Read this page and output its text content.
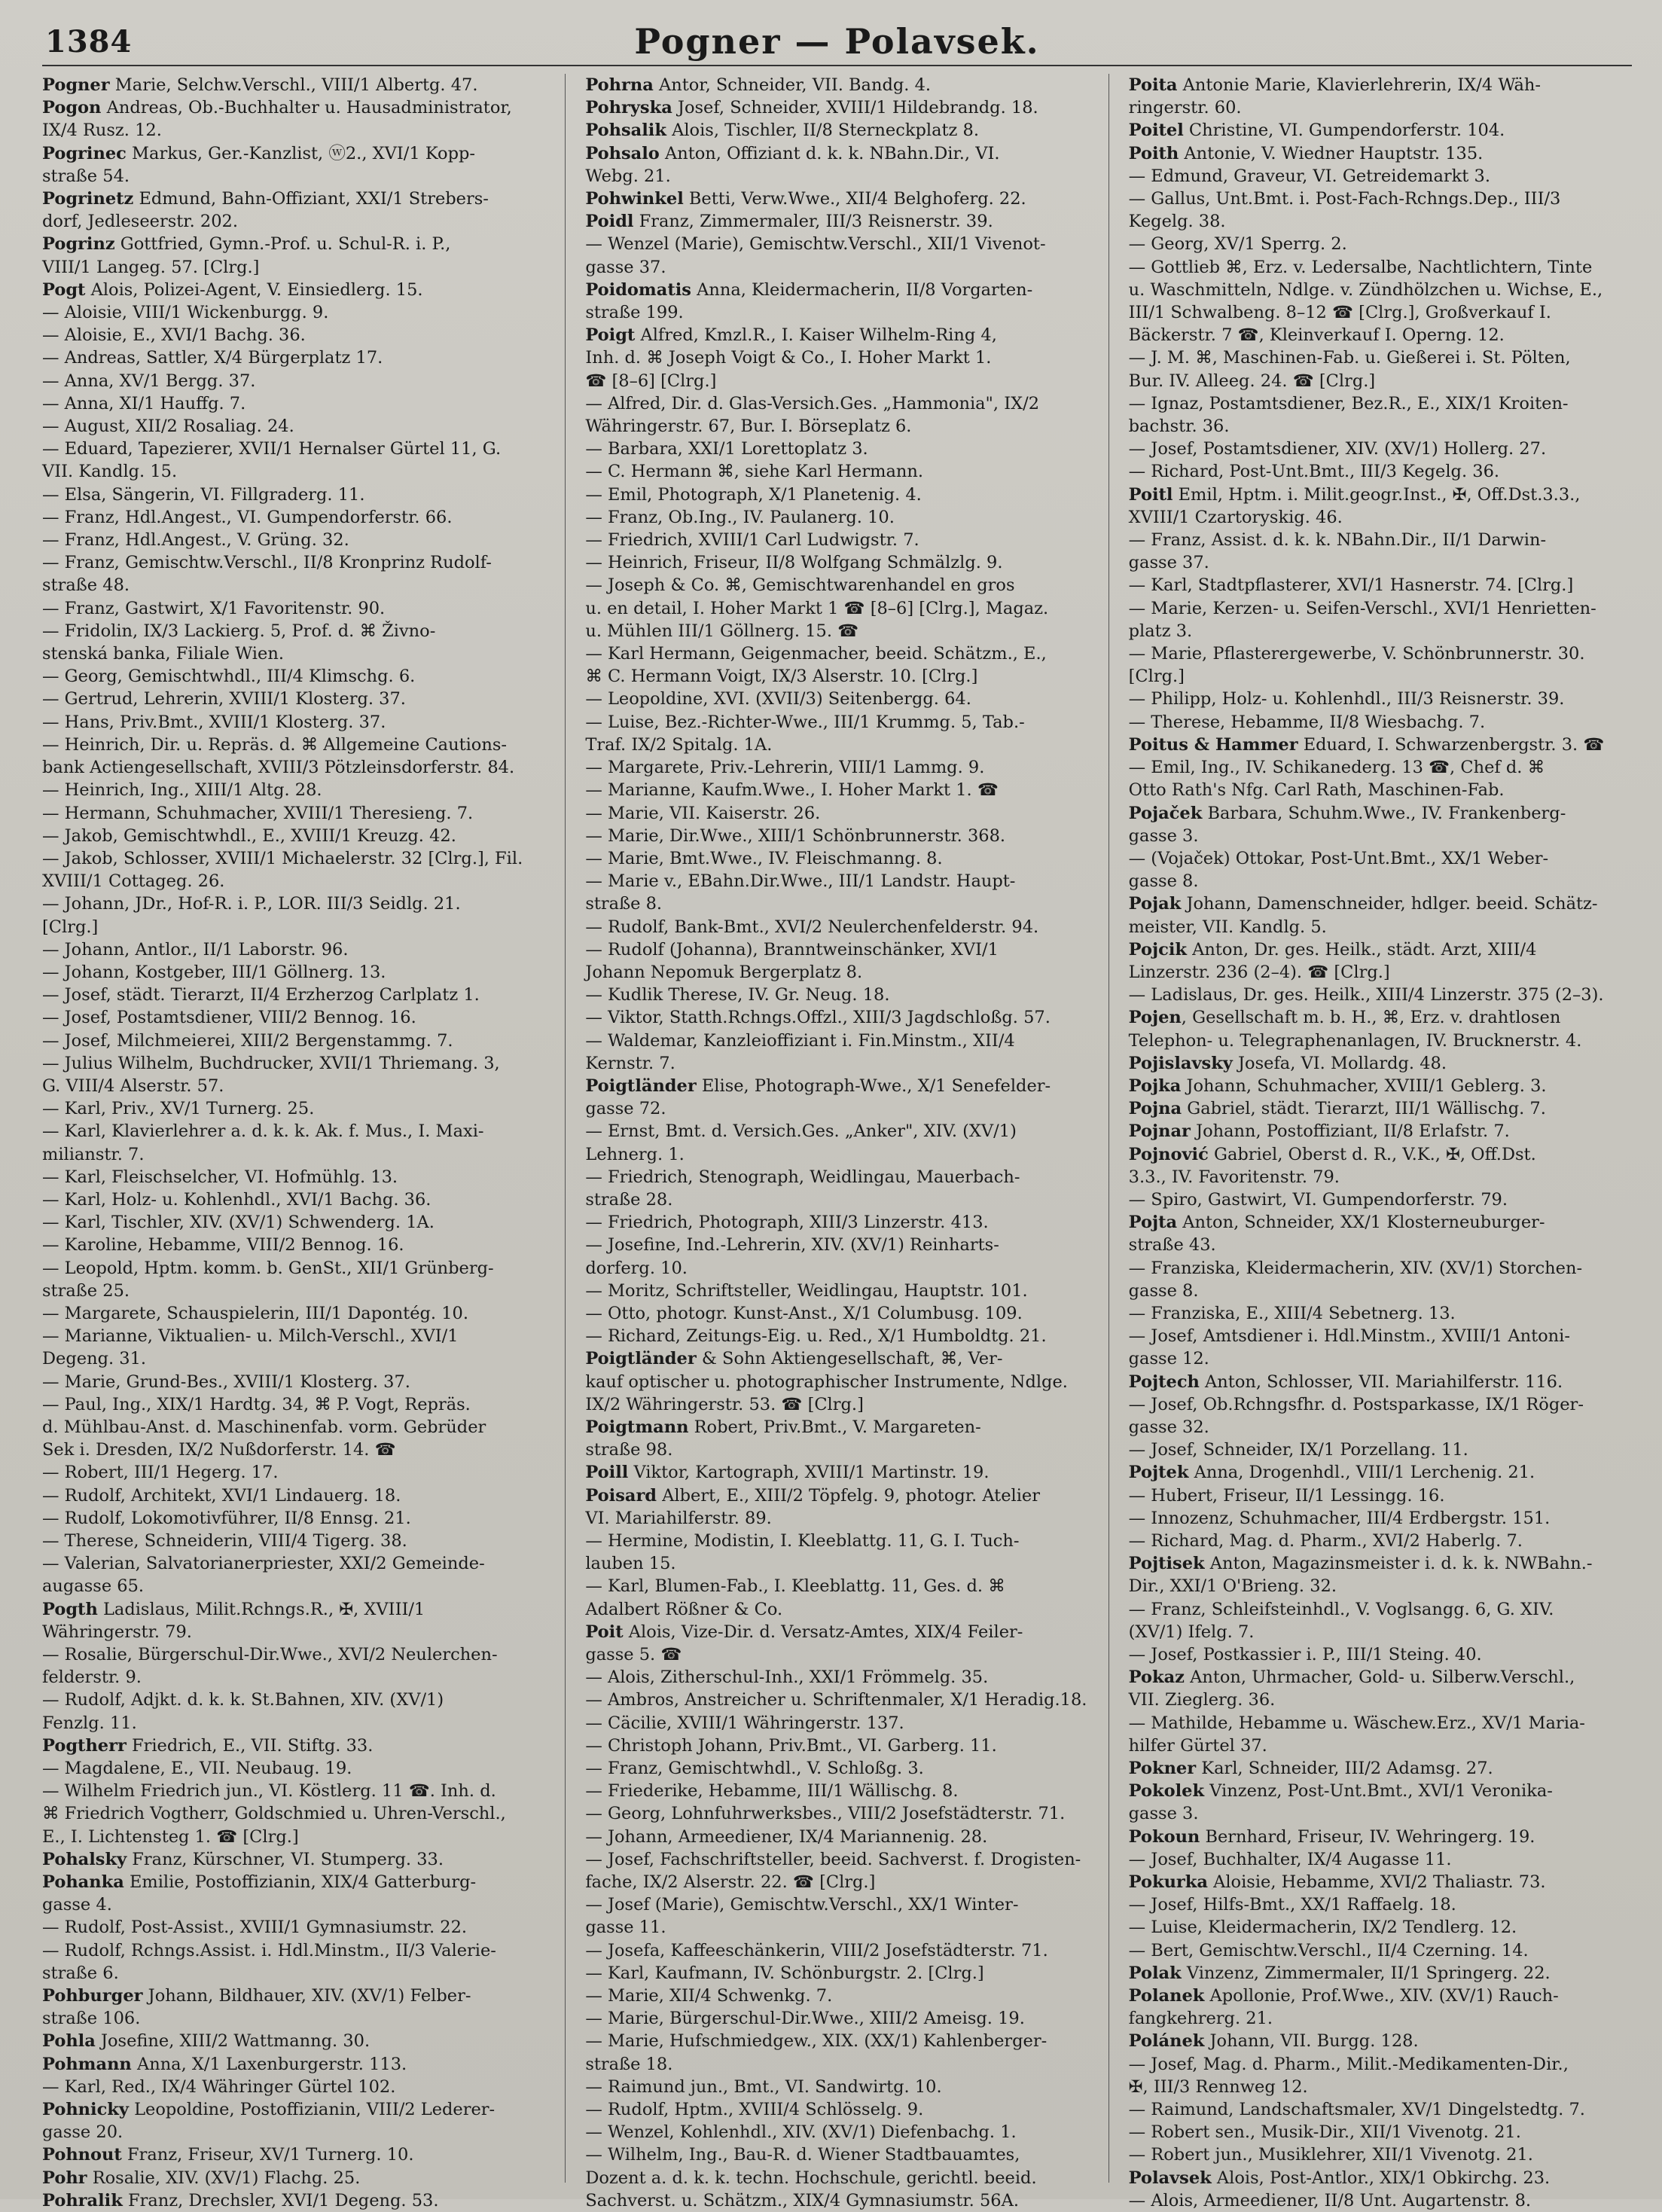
1384	Pogner — Polavsek.
Pogner Marie, Selchw.Verschl., VIII/1 Albertg. 47.
Pogon Andreas, Ob.-Buchhalter u. Hausadministrator,
IX/4 Rusz. 12.
Pogrinec Markus, Ger.-Kanzlist, ⓦ2., XVI/1 Kopp-
straße 54.
Pogrinetz Edmund, Bahn-Offiziant, XXI/1 Strebers-
dorf, Jedleseerstr. 202.
Pogrinz Gottfried, Gymn.-Prof. u. Schul-R. i. P.,
VIII/1 Langeg. 57. [Clrg.]
Pogt Alois, Polizei-Agent, V. Einsiedlerg. 15.
— Aloisie, VIII/1 Wickenburgg. 9.
— Aloisie, E., XVI/1 Bachg. 36.
— Andreas, Sattler, X/4 Bürgerplatz 17.
— Anna, XV/1 Bergg. 37.
— Anna, XI/1 Hauffg. 7.
— August, XII/2 Rosaliag. 24.
— Eduard, Tapezierer, XVII/1 Hernalser Gürtel 11, G.
VII. Kandlg. 15.
— Elsa, Sängerin, VI. Fillgraderg. 11.
— Franz, Hdl.Angest., VI. Gumpendorferstr. 66.
— Franz, Hdl.Angest., V. Grüng. 32.
— Franz, Gemischtw.Verschl., II/8 Kronprinz Rudolf-
straße 48.
— Franz, Gastwirt, X/1 Favoritenstr. 90.
— Fridolin, IX/3 Lackierg. 5, Prof. d. ⌘ Živno-
stenská banka, Filiale Wien.
— Georg, Gemischtwhdl., III/4 Klimschg. 6.
— Gertrud, Lehrerin, XVIII/1 Klosterg. 37.
— Hans, Priv.Bmt., XVIII/1 Klosterg. 37.
— Heinrich, Dir. u. Repräs. d. ⌘ Allgemeine Cautions-
bank Actiengesellschaft, XVIII/3 Pötzleinsdorferstr. 84.
— Heinrich, Ing., XIII/1 Altg. 28.
— Hermann, Schuhmacher, XVIII/1 Theresieng. 7.
— Jakob, Gemischtwhdl., E., XVIII/1 Kreuzg. 42.
— Jakob, Schlosser, XVIII/1 Michaelerstr. 32 [Clrg.], Fil.
XVIII/1 Cottageg. 26.
— Johann, JDr., Hof-R. i. P., LOR. III/3 Seidlg. 21.
[Clrg.]
— Johann, Antlor., II/1 Laborstr. 96.
— Johann, Kostgeber, III/1 Göllnerg. 13.
— Josef, städt. Tierarzt, II/4 Erzherzog Carlplatz 1.
— Josef, Postamtsdiener, VIII/2 Bennog. 16.
— Josef, Milchmeierei, XIII/2 Bergenstammg. 7.
— Julius Wilhelm, Buchdrucker, XVII/1 Thriemang. 3,
G. VIII/4 Alserstr. 57.
— Karl, Priv., XV/1 Turnerg. 25.
— Karl, Klavierlehrer a. d. k. k. Ak. f. Mus., I. Maxi-
milianstr. 7.
— Karl, Fleischselcher, VI. Hofmühlg. 13.
— Karl, Holz- u. Kohlenhdl., XVI/1 Bachg. 36.
— Karl, Tischler, XIV. (XV/1) Schwenderg. 1A.
— Karoline, Hebamme, VIII/2 Bennog. 16.
— Leopold, Hptm. komm. b. GenSt., XII/1 Grünberg-
straße 25.
— Margarete, Schauspielerin, III/1 Dapontég. 10.
— Marianne, Viktualien- u. Milch-Verschl., XVI/1
Degeng. 31.
— Marie, Grund-Bes., XVIII/1 Klosterg. 37.
— Paul, Ing., XIX/1 Hardtg. 34, ⌘ P. Vogt, Repräs.
d. Mühlbau-Anst. d. Maschinenfab. vorm. Gebrüder
Sek i. Dresden, IX/2 Nußdorferstr. 14. ☎
— Robert, III/1 Hegerg. 17.
— Rudolf, Architekt, XVI/1 Lindauerg. 18.
— Rudolf, Lokomotivführer, II/8 Ennsg. 21.
— Therese, Schneiderin, VIII/4 Tigerg. 38.
— Valerian, Salvatorianerpriester, XXI/2 Gemeinde-
augasse 65.
Pogth Ladislaus, Milit.Rchngs.R., ✠, XVIII/1
Währingerstr. 79.
— Rosalie, Bürgerschul-Dir.Wwe., XVI/2 Neulerchen-
felderstr. 9.
— Rudolf, Adjkt. d. k. k. St.Bahnen, XIV. (XV/1)
Fenzlg. 11.
Pogtherr Friedrich, E., VII. Stiftg. 33.
— Magdalene, E., VII. Neubaug. 19.
— Wilhelm Friedrich jun., VI. Köstlerg. 11 ☎. Inh. d.
⌘ Friedrich Vogtherr, Goldschmied u. Uhren-Verschl.,
E., I. Lichtensteg 1. ☎ [Clrg.]
Pohalsky Franz, Kürschner, VI. Stumperg. 33.
Pohanka Emilie, Postoffizianin, XIX/4 Gatterburg-
gasse 4.
— Rudolf, Post-Assist., XVIII/1 Gymnasiumstr. 22.
— Rudolf, Rchngs.Assist. i. Hdl.Minstm., II/3 Valerie-
straße 6.
Pohburger Johann, Bildhauer, XIV. (XV/1) Felber-
straße 106.
Pohla Josefine, XIII/2 Wattmanng. 30.
Pohmann Anna, X/1 Laxenburgerstr. 113.
— Karl, Red., IX/4 Währinger Gürtel 102.
Pohnicky Leopoldine, Postoffizianin, VIII/2 Lederer-
gasse 20.
Pohnout Franz, Friseur, XV/1 Turnerg. 10.
Pohr Rosalie, XIV. (XV/1) Flachg. 25.
Pohralik Franz, Drechsler, XVI/1 Degeng. 53.
Pohrna Antor, Schneider, VII. Bandg. 4.
Pohryska Josef, Schneider, XVIII/1 Hildebrandg. 18.
Pohsalik Alois, Tischler, II/8 Sterneckplatz 8.
Pohsalo Anton, Offiziant d. k. k. NBahn.Dir., VI.
Webg. 21.
Pohwinkel Betti, Verw.Wwe., XII/4 Belghoferg. 22.
Poidl Franz, Zimmermaler, III/3 Reisnerstr. 39.
— Wenzel (Marie), Gemischtw.Verschl., XII/1 Vivenot-
gasse 37.
Poidomatis Anna, Kleidermacherin, II/8 Vorgarten-
straße 199.
Poigt Alfred, Kmzl.R., I. Kaiser Wilhelm-Ring 4,
Inh. d. ⌘ Joseph Voigt & Co., I. Hoher Markt 1.
☎ [8–6] [Clrg.]
— Alfred, Dir. d. Glas-Versich.Ges. „Hammonia", IX/2
Währingerstr. 67, Bur. I. Börseplatz 6.
— Barbara, XXI/1 Lorettoplatz 3.
— C. Hermann ⌘, siehe Karl Hermann.
— Emil, Photograph, X/1 Planetenig. 4.
— Franz, Ob.Ing., IV. Paulanerg. 10.
— Friedrich, XVIII/1 Carl Ludwigstr. 7.
— Heinrich, Friseur, II/8 Wolfgang Schmälzlg. 9.
— Joseph & Co. ⌘, Gemischtwarenhandel en gros
u. en detail, I. Hoher Markt 1 ☎ [8–6] [Clrg.], Magaz.
u. Mühlen III/1 Göllnerg. 15. ☎
— Karl Hermann, Geigenmacher, beeid. Schätzm., E.,
⌘ C. Hermann Voigt, IX/3 Alserstr. 10. [Clrg.]
— Leopoldine, XVI. (XVII/3) Seitenbergg. 64.
— Luise, Bez.-Richter-Wwe., III/1 Krummg. 5, Tab.-
Traf. IX/2 Spitalg. 1A.
— Margarete, Priv.-Lehrerin, VIII/1 Lammg. 9.
— Marianne, Kaufm.Wwe., I. Hoher Markt 1. ☎
— Marie, VII. Kaiserstr. 26.
— Marie, Dir.Wwe., XIII/1 Schönbrunnerstr. 368.
— Marie, Bmt.Wwe., IV. Fleischmanng. 8.
— Marie v., EBahn.Dir.Wwe., III/1 Landstr. Haupt-
straße 8.
— Rudolf, Bank-Bmt., XVI/2 Neulerchenfelderstr. 94.
— Rudolf (Johanna), Branntweinschänker, XVI/1
Johann Nepomuk Bergerplatz 8.
— Kudlik Therese, IV. Gr. Neug. 18.
— Viktor, Statth.Rchngs.Offzl., XIII/3 Jagdschloßg. 57.
— Waldemar, Kanzleioffiziant i. Fin.Minstm., XII/4
Kernstr. 7.
Poigtländer Elise, Photograph-Wwe., X/1 Senefelder-
gasse 72.
— Ernst, Bmt. d. Versich.Ges. „Anker", XIV. (XV/1)
Lehnerg. 1.
— Friedrich, Stenograph, Weidlingau, Mauerbach-
straße 28.
— Friedrich, Photograph, XIII/3 Linzerstr. 413.
— Josefine, Ind.-Lehrerin, XIV. (XV/1) Reinharts-
dorferg. 10.
— Moritz, Schriftsteller, Weidlingau, Hauptstr. 101.
— Otto, photogr. Kunst-Anst., X/1 Columbusg. 109.
— Richard, Zeitungs-Eig. u. Red., X/1 Humboldtg. 21.
Poigtländer & Sohn Aktiengesellschaft, ⌘, Ver-
kauf optischer u. photographischer Instrumente, Ndlge.
IX/2 Währingerstr. 53. ☎ [Clrg.]
Poigtmann Robert, Priv.Bmt., V. Margareten-
straße 98.
Poill Viktor, Kartograph, XVIII/1 Martinstr. 19.
Poisard Albert, E., XIII/2 Töpfelg. 9, photogr. Atelier
VI. Mariahilferstr. 89.
— Hermine, Modistin, I. Kleeblattg. 11, G. I. Tuch-
lauben 15.
— Karl, Blumen-Fab., I. Kleeblattg. 11, Ges. d. ⌘
Adalbert Rößner & Co.
Poit Alois, Vize-Dir. d. Versatz-Amtes, XIX/4 Feiler-
gasse 5. ☎
— Alois, Zitherschul-Inh., XXI/1 Frömmelg. 35.
— Ambros, Anstreicher u. Schriftenmaler, X/1 Heradig.18.
— Cäcilie, XVIII/1 Währingerstr. 137.
— Christoph Johann, Priv.Bmt., VI. Garberg. 11.
— Franz, Gemischtwhdl., V. Schloßg. 3.
— Friederike, Hebamme, III/1 Wällischg. 8.
— Georg, Lohnfuhrwerksbes., VIII/2 Josefstädterstr. 71.
— Johann, Armeediener, IX/4 Mariannenig. 28.
— Josef, Fachschriftsteller, beeid. Sachverst. f. Drogisten-
fache, IX/2 Alserstr. 22. ☎ [Clrg.]
— Josef (Marie), Gemischtw.Verschl., XX/1 Winter-
gasse 11.
— Josefa, Kaffeeschänkerin, VIII/2 Josefstädterstr. 71.
— Karl, Kaufmann, IV. Schönburgstr. 2. [Clrg.]
— Marie, XII/4 Schwenkg. 7.
— Marie, Bürgerschul-Dir.Wwe., XIII/2 Ameisg. 19.
— Marie, Hufschmiedgew., XIX. (XX/1) Kahlenberger-
straße 18.
— Raimund jun., Bmt., VI. Sandwirtg. 10.
— Rudolf, Hptm., XVIII/4 Schlösselg. 9.
— Wenzel, Kohlenhdl., XIV. (XV/1) Diefenbachg. 1.
— Wilhelm, Ing., Bau-R. d. Wiener Stadtbauamtes,
Dozent a. d. k. k. techn. Hochschule, gerichtl. beeid.
Sachverst. u. Schätzm., XIX/4 Gymnasiumstr. 56A.
Poita Antonie Marie, Klavierlehrerin, IX/4 Wäh-
ringerstr. 60.
Poitel Christine, VI. Gumpendorferstr. 104.
Poith Antonie, V. Wiedner Hauptstr. 135.
— Edmund, Graveur, VI. Getreidemarkt 3.
— Gallus, Unt.Bmt. i. Post-Fach-Rchngs.Dep., III/3
Kegelg. 38.
— Georg, XV/1 Sperrg. 2.
— Gottlieb ⌘, Erz. v. Ledersalbe, Nachtlichtern, Tinte
u. Waschmitteln, Ndlge. v. Zündhölzchen u. Wichse, E.,
III/1 Schwalbeng. 8–12 ☎ [Clrg.], Großverkauf I.
Bäckerstr. 7 ☎, Kleinverkauf I. Operng. 12.
— J. M. ⌘, Maschinen-Fab. u. Gießerei i. St. Pölten,
Bur. IV. Alleeg. 24. ☎ [Clrg.]
— Ignaz, Postamtsdiener, Bez.R., E., XIX/1 Kroiten-
bachstr. 36.
— Josef, Postamtsdiener, XIV. (XV/1) Hollerg. 27.
— Richard, Post-Unt.Bmt., III/3 Kegelg. 36.
Poitl Emil, Hptm. i. Milit.geogr.Inst., ✠, Off.Dst.3.3.,
XVIII/1 Czartoryskig. 46.
— Franz, Assist. d. k. k. NBahn.Dir., II/1 Darwin-
gasse 37.
— Karl, Stadtpflasterer, XVI/1 Hasnerstr. 74. [Clrg.]
— Marie, Kerzen- u. Seifen-Verschl., XVI/1 Henrietten-
platz 3.
— Marie, Pflasterergewerbe, V. Schönbrunnerstr. 30.
[Clrg.]
— Philipp, Holz- u. Kohlenhdl., III/3 Reisnerstr. 39.
— Therese, Hebamme, II/8 Wiesbachg. 7.
Poitus & Hammer Eduard, I. Schwarzenbergstr. 3. ☎
— Emil, Ing., IV. Schikanederg. 13 ☎, Chef d. ⌘
Otto Rath's Nfg. Carl Rath, Maschinen-Fab.
Pojaček Barbara, Schuhm.Wwe., IV. Frankenberg-
gasse 3.
— (Vojaček) Ottokar, Post-Unt.Bmt., XX/1 Weber-
gasse 8.
Pojak Johann, Damenschneider, hdlger. beeid. Schätz-
meister, VII. Kandlg. 5.
Pojcik Anton, Dr. ges. Heilk., städt. Arzt, XIII/4
Linzerstr. 236 (2–4). ☎ [Clrg.]
— Ladislaus, Dr. ges. Heilk., XIII/4 Linzerstr. 375 (2–3).
Pojen, Gesellschaft m. b. H., ⌘, Erz. v. drahtlosen
Telephon- u. Telegraphenanlagen, IV. Brucknerstr. 4.
Pojislavsky Josefa, VI. Mollardg. 48.
Pojka Johann, Schuhmacher, XVIII/1 Geblerg. 3.
Pojna Gabriel, städt. Tierarzt, III/1 Wällischg. 7.
Pojnar Johann, Postoffiziant, II/8 Erlafstr. 7.
Pojnović Gabriel, Oberst d. R., V.K., ✠, Off.Dst.
3.3., IV. Favoritenstr. 79.
— Spiro, Gastwirt, VI. Gumpendorferstr. 79.
Pojta Anton, Schneider, XX/1 Klosterneuburger-
straße 43.
— Franziska, Kleidermacherin, XIV. (XV/1) Storchen-
gasse 8.
— Franziska, E., XIII/4 Sebetnerg. 13.
— Josef, Amtsdiener i. Hdl.Minstm., XVIII/1 Antoni-
gasse 12.
Pojtech Anton, Schlosser, VII. Mariahilferstr. 116.
— Josef, Ob.Rchngsfhr. d. Postsparkasse, IX/1 Röger-
gasse 32.
— Josef, Schneider, IX/1 Porzellang. 11.
Pojtek Anna, Drogenhdl., VIII/1 Lerchenig. 21.
— Hubert, Friseur, II/1 Lessingg. 16.
— Innozenz, Schuhmacher, III/4 Erdbergstr. 151.
— Richard, Mag. d. Pharm., XVI/2 Haberlg. 7.
Pojtisek Anton, Magazinsmeister i. d. k. k. NWBahn.-
Dir., XXI/1 O'Brieng. 32.
— Franz, Schleifsteinhdl., V. Voglsangg. 6, G. XIV.
(XV/1) Ifelg. 7.
— Josef, Postkassier i. P., III/1 Steing. 40.
Pokaz Anton, Uhrmacher, Gold- u. Silberw.Verschl.,
VII. Zieglerg. 36.
— Mathilde, Hebamme u. Wäschew.Erz., XV/1 Maria-
hilfer Gürtel 37.
Pokner Karl, Schneider, III/2 Adamsg. 27.
Pokolek Vinzenz, Post-Unt.Bmt., XVI/1 Veronika-
gasse 3.
Pokoun Bernhard, Friseur, IV. Wehringerg. 19.
— Josef, Buchhalter, IX/4 Augasse 11.
Pokurka Aloisie, Hebamme, XVI/2 Thaliastr. 73.
— Josef, Hilfs-Bmt., XX/1 Raffaelg. 18.
— Luise, Kleidermacherin, IX/2 Tendlerg. 12.
— Bert, Gemischtw.Verschl., II/4 Czerning. 14.
Polak Vinzenz, Zimmermaler, II/1 Springerg. 22.
Polanek Apollonie, Prof.Wwe., XIV. (XV/1) Rauch-
fangkehrerg. 21.
Polánek Johann, VII. Burgg. 128.
— Josef, Mag. d. Pharm., Milit.-Medikamenten-Dir.,
✠, III/3 Rennweg 12.
— Raimund, Landschaftsmaler, XV/1 Dingelstedtg. 7.
— Robert sen., Musik-Dir., XII/1 Vivenotg. 21.
— Robert jun., Musiklehrer, XII/1 Vivenotg. 21.
Polavsek Alois, Post-Antlor., XIX/1 Obkirchg. 23.
— Alois, Armeediener, II/8 Unt. Augartenstr. 8.
